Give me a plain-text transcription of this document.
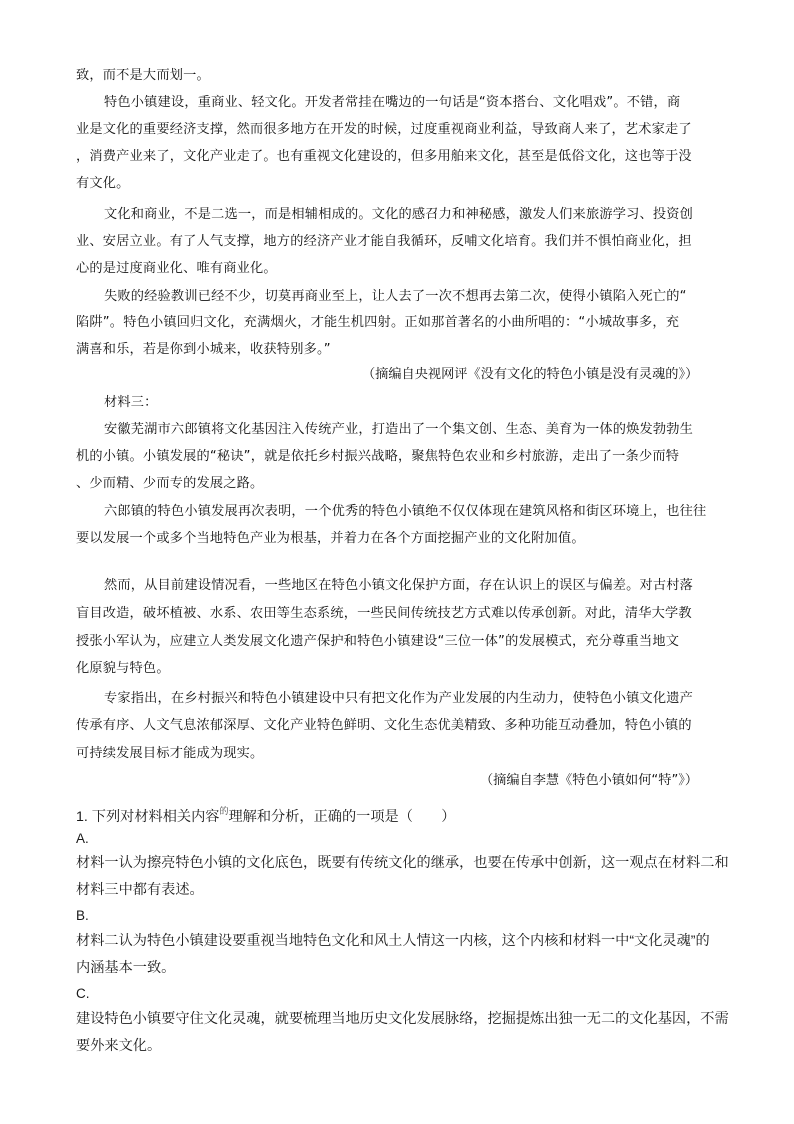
致，而不是大而划一。
特色小镇建设，重商业、轻文化。开发者常挂在嘴边的一句话是“资本搭台、文化唱戏”。不错，商
业是文化的重要经济支撑，然而很多地方在开发的时候，过度重视商业利益，导致商人来了，艺术家走了
，消费产业来了，文化产业走了。也有重视文化建设的，但多用舶来文化，甚至是低俗文化，这也等于没
有文化。
文化和商业，不是二选一，而是相辅相成的。文化的感召力和神秘感，激发人们来旅游学习、投资创
业、安居立业。有了人气支撑，地方的经济产业才能自我循环，反哺文化培育。我们并不惧怕商业化，担
心的是过度商业化、唯有商业化。
失败的经验教训已经不少，切莫再商业至上，让人去了一次不想再去第二次，使得小镇陷入死亡的“
陷阱”。特色小镇回归文化，充满烟火，才能生机四射。正如那首著名的小曲所唱的：“小城故事多，充
满喜和乐，若是你到小城来，收获特别多。”
（摘编自央视网评《没有文化的特色小镇是没有灵魂的》）
材料三：
安徽芜湖市六郎镇将文化基因注入传统产业，打造出了一个集文创、生态、美育为一体的焕发勃勃生
机的小镇。小镇发展的“秘诀”，就是依托乡村振兴战略，聚焦特色农业和乡村旅游，走出了一条少而特
、少而精、少而专的发展之路。
六郎镇的特色小镇发展再次表明，一个优秀的特色小镇绝不仅仅体现在建筑风格和街区环境上，也往往
要以发展一个或多个当地特色产业为根基，并着力在各个方面挖掘产业的文化附加值。
然而，从目前建设情况看，一些地区在特色小镇文化保护方面，存在认识上的误区与偏差。对古村落
盲目改造，破坏植被、水系、农田等生态系统，一些民间传统技艺方式难以传承创新。对此，清华大学教
授张小军认为，应建立人类发展文化遗产保护和特色小镇建设“三位一体”的发展模式，充分尊重当地文
化原貌与特色。
专家指出，在乡村振兴和特色小镇建设中只有把文化作为产业发展的内生动力，使特色小镇文化遗产
传承有序、人文气息浓郁深厚、文化产业特色鲜明、文化生态优美精致、多种功能互动叠加，特色小镇的
可持续发展目标才能成为现实。
（摘编自李慧《特色小镇如何“特”》）
1. 下列对材料相关内容$^的$理解和分析，正确的一项是（　　）
A.
材料一认为擦亮特色小镇的文化底色，既要有传统文化的继承，也要在传承中创新，这一观点在材料二和
材料三中都有表述。
B.
材料二认为特色小镇建设要重视当地特色文化和风土人情这一内核，这个内核和材料一中“文化灵魂”的
内涵基本一致。
C.
建设特色小镇要守住文化灵魂，就要梳理当地历史文化发展脉络，挖掘提炼出独一无二的文化基因，不需
要外来文化。
